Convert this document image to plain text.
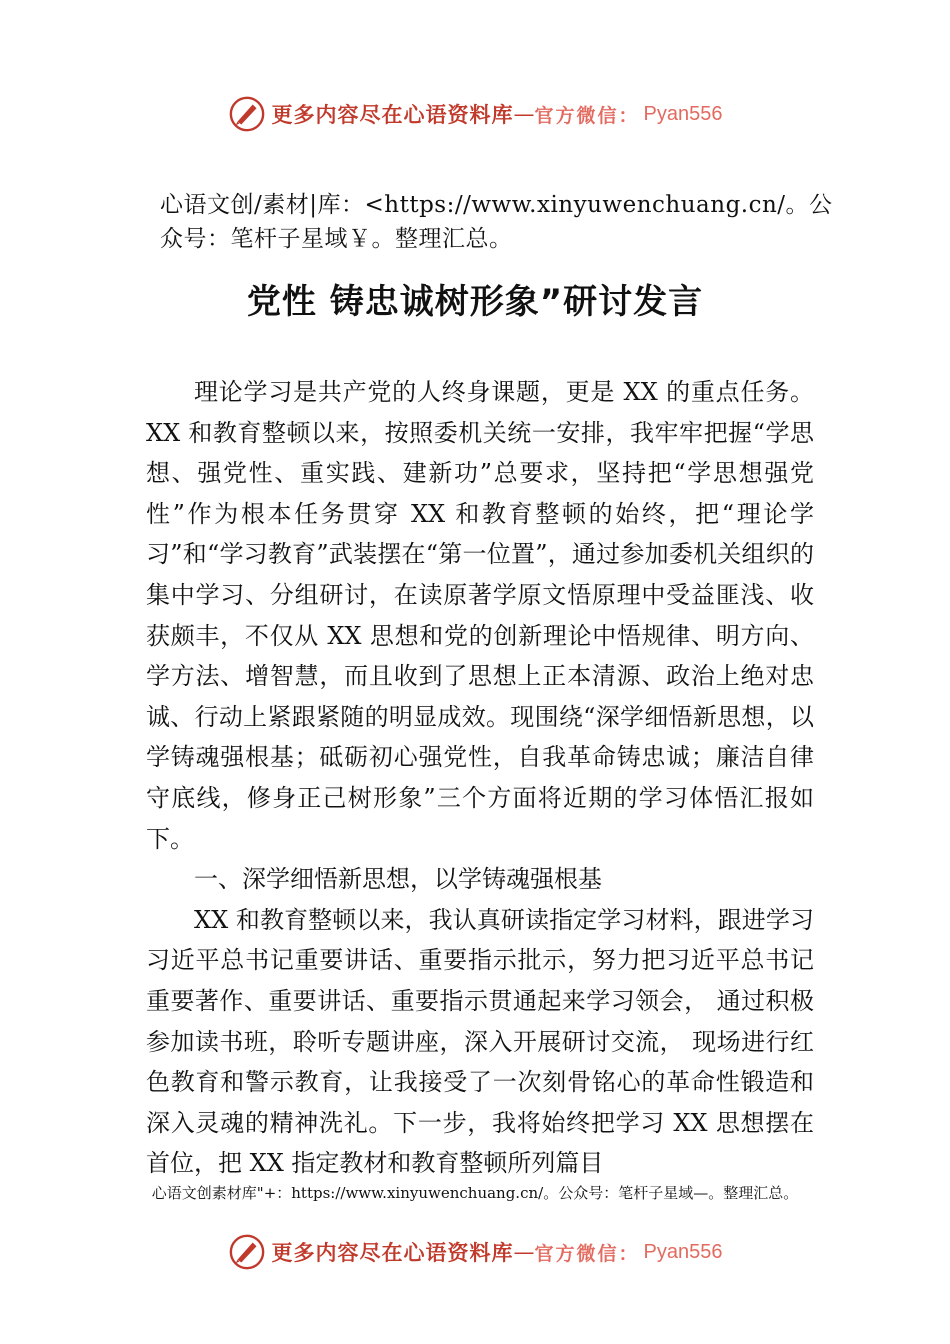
更多内容尽在心语资料库 — 官方微信： Pyan556
心语文创/素材|库：<https://www.xinyuwenchuang.cn/。公众号：笔杆子星域￥。整理汇总。
党性 铸忠诚树形象”研讨发言

理论学习是共产党的人终身课题，更是 XX 的重点任务。XX 和教育整顿以来，按照委机关统一安排，我牢牢把握“学思想、强党性、重实践、建新功”总要求，坚持把“学思想强党性”作为根本任务贯穿 XX 和教育整顿的始终，把“理论学习”和“学习教育”武装摆在“第一位置”，通过参加委机关组织的集中学习、分组研讨，在读原著学原文悟原理中受益匪浅、收获颇丰，不仅从 XX 思想和党的创新理论中悟规律、明方向、学方法、增智慧，而且收到了思想上正本清源、政治上绝对忠诚、行动上紧跟紧随的明显成效。现围绕“深学细悟新思想，以学铸魂强根基；砥砺初心强党性，自我革命铸忠诚；廉洁自律守底线，修身正己树形象”三个方面将近期的学习体悟汇报如下。

一、深学细悟新思想，以学铸魂强根基

XX 和教育整顿以来，我认真研读指定学习材料，跟进学习习近平总书记重要讲话、重要指示批示，努力把习近平总书记重要著作、重要讲话、重要指示贯通起来学习领会， 通过积极参加读书班，聆听专题讲座，深入开展研讨交流， 现场进行红色教育和警示教育，让我接受了一次刻骨铭心的革命性锻造和深入灵魂的精神洗礼。下一步，我将始终把学习 XX 思想摆在首位，把 XX 指定教材和教育整顿所列篇目

心语文创素材库"+：https://www.xinyuwenchuang.cn/。公众号：笔杆子星域—。整理汇总。
更多内容尽在心语资料库 — 官方微信： Pyan556
